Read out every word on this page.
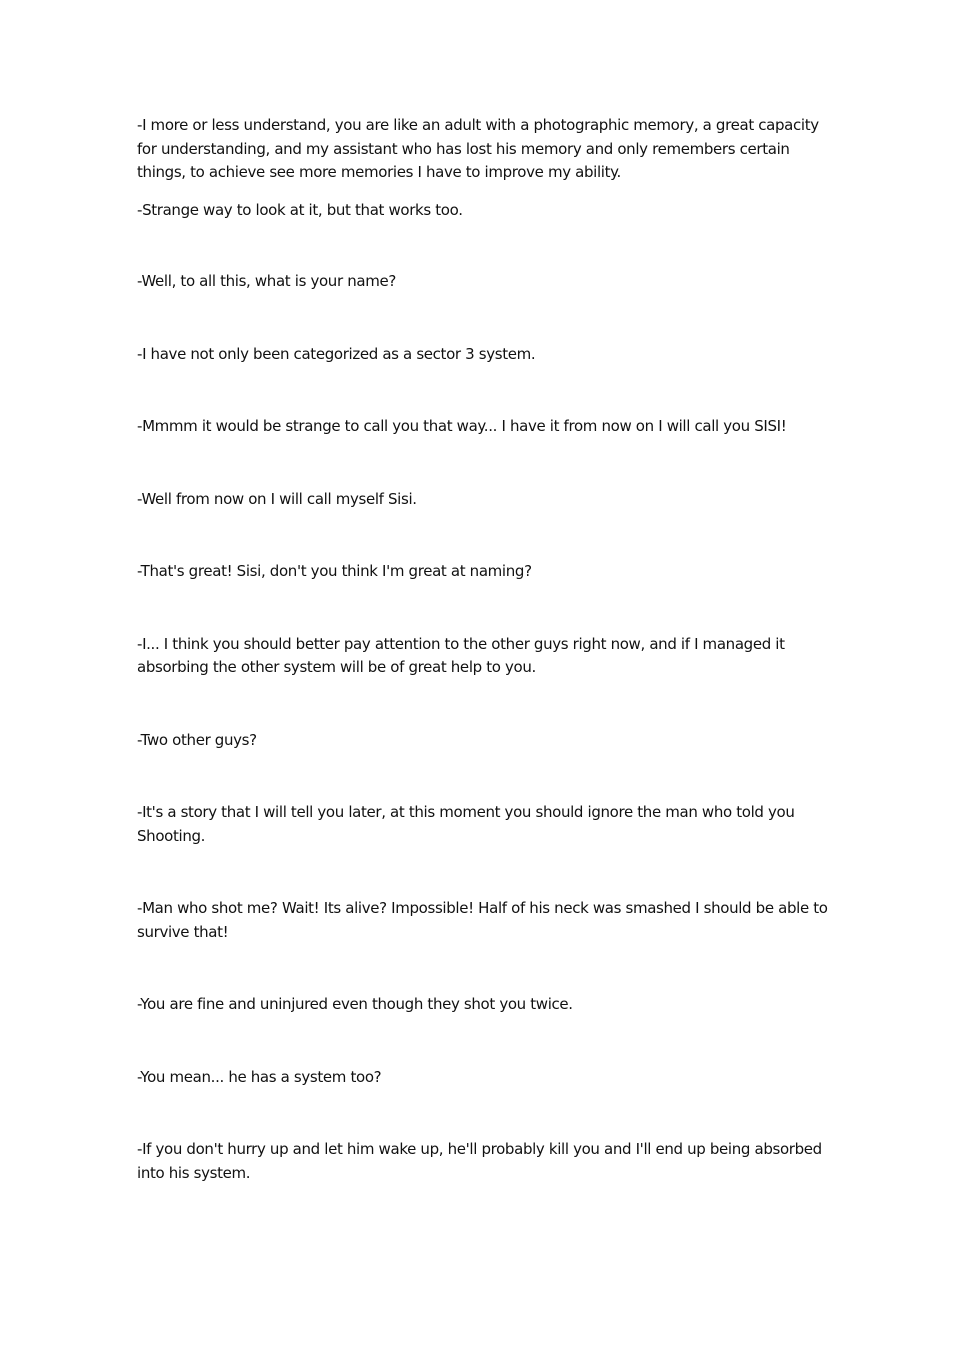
-I more or less understand, you are like an adult with a photographic memory, a great capacity for understanding, and my assistant who has lost his memory and only remembers certain things, to achieve see more memories I have to improve my ability.

-Strange way to look at it, but that works too.

-Well, to all this, what is your name?

-I have not only been categorized as a sector 3 system.

-Mmmm it would be strange to call you that way... I have it from now on I will call you SISI!

-Well from now on I will call myself Sisi.

-That's great! Sisi, don't you think I'm great at naming?

-I... I think you should better pay attention to the other guys right now, and if I managed it absorbing the other system will be of great help to you.

-Two other guys?

-It's a story that I will tell you later, at this moment you should ignore the man who told you Shooting.

-Man who shot me? Wait! Its alive? Impossible! Half of his neck was smashed I should be able to survive that!

-You are fine and uninjured even though they shot you twice.

-You mean... he has a system too?

-If you don't hurry up and let him wake up, he'll probably kill you and I'll end up being absorbed into his system.
